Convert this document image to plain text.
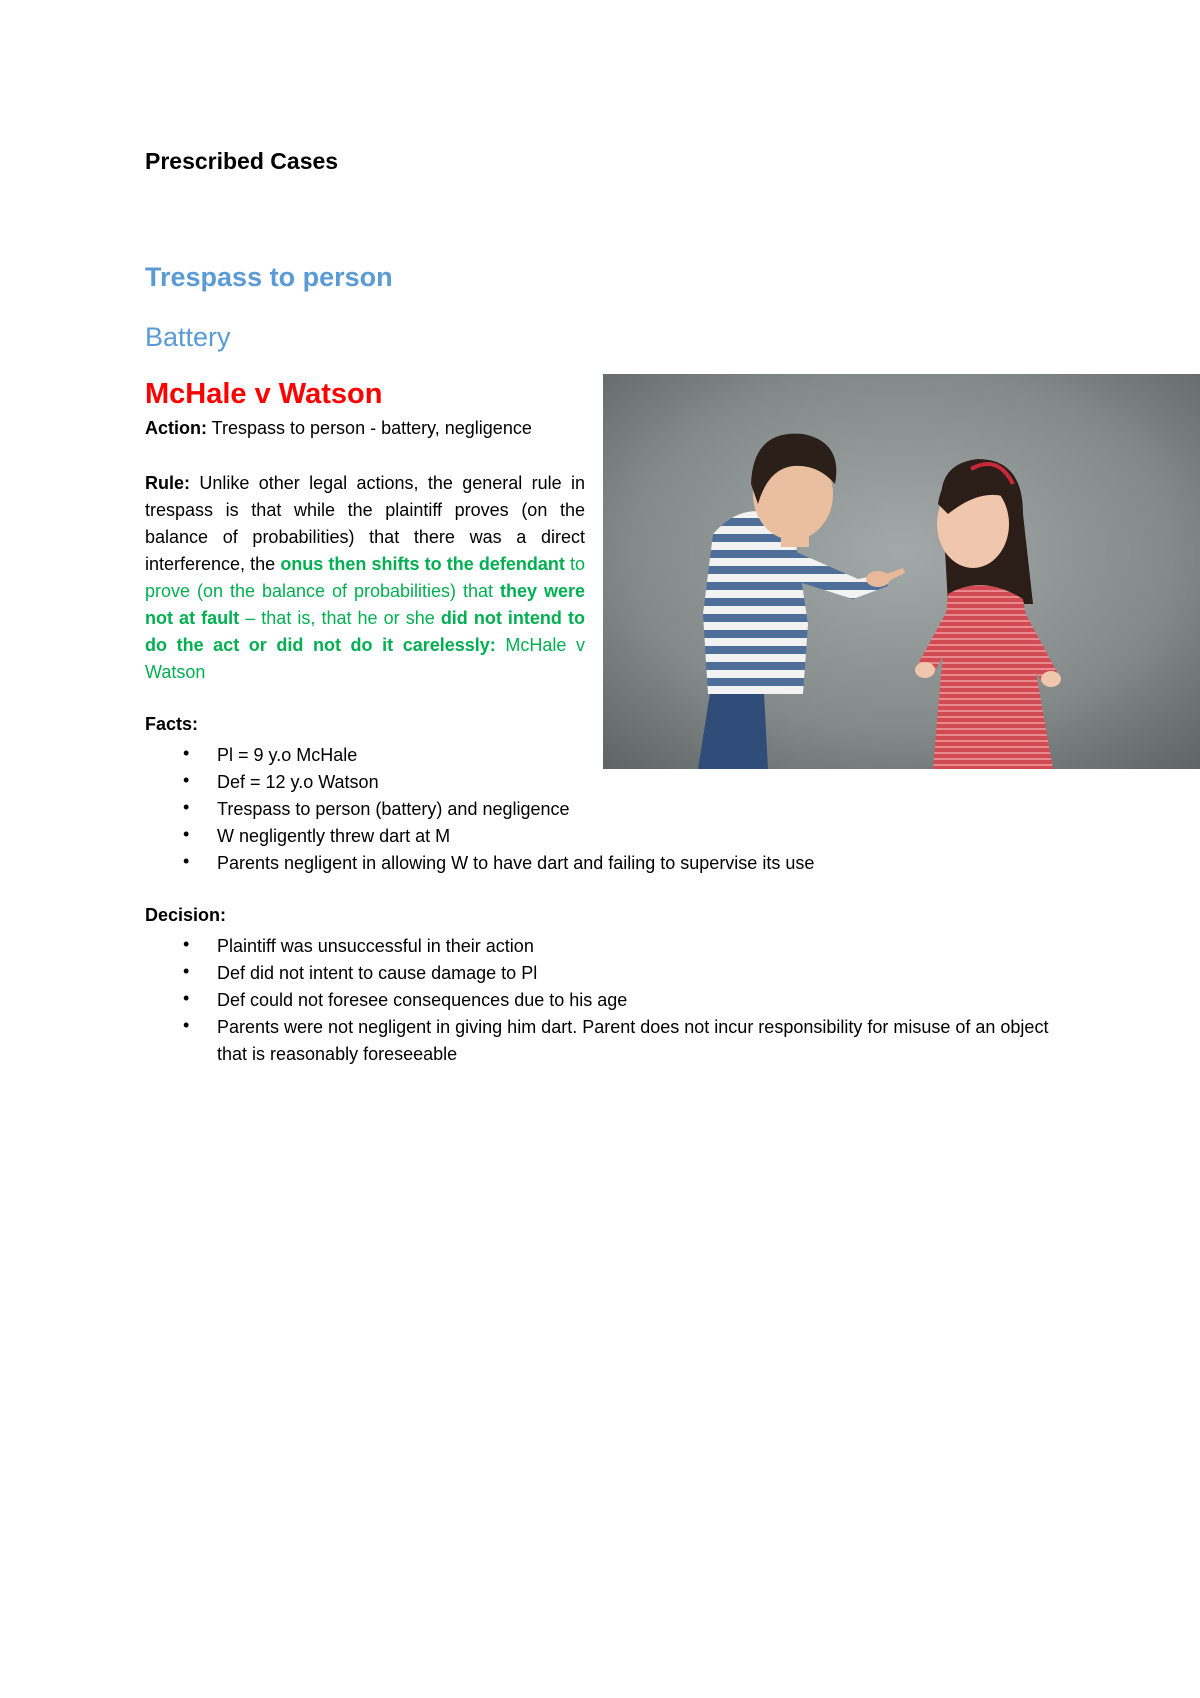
Prescribed Cases
Trespass to person
Battery
McHale v Watson
Action: Trespass to person - battery, negligence
Rule: Unlike other legal actions, the general rule in trespass is that while the plaintiff proves (on the balance of probabilities) that there was a direct interference, the onus then shifts to the defendant to prove (on the balance of probabilities) that they were not at fault – that is, that he or she did not intend to do the act or did not do it carelessly: McHale v Watson
Facts:
• Pl = 9 y.o McHale
• Def = 12 y.o Watson
• Trespass to person (battery) and negligence
• W negligently threw dart at M
• Parents negligent in allowing W to have dart and failing to supervise its use
Decision:
• Plaintiff was unsuccessful in their action
• Def did not intent to cause damage to Pl
• Def could not foresee consequences due to his age
• Parents were not negligent in giving him dart. Parent does not incur responsibility for misuse of an object that is reasonably foreseeable
